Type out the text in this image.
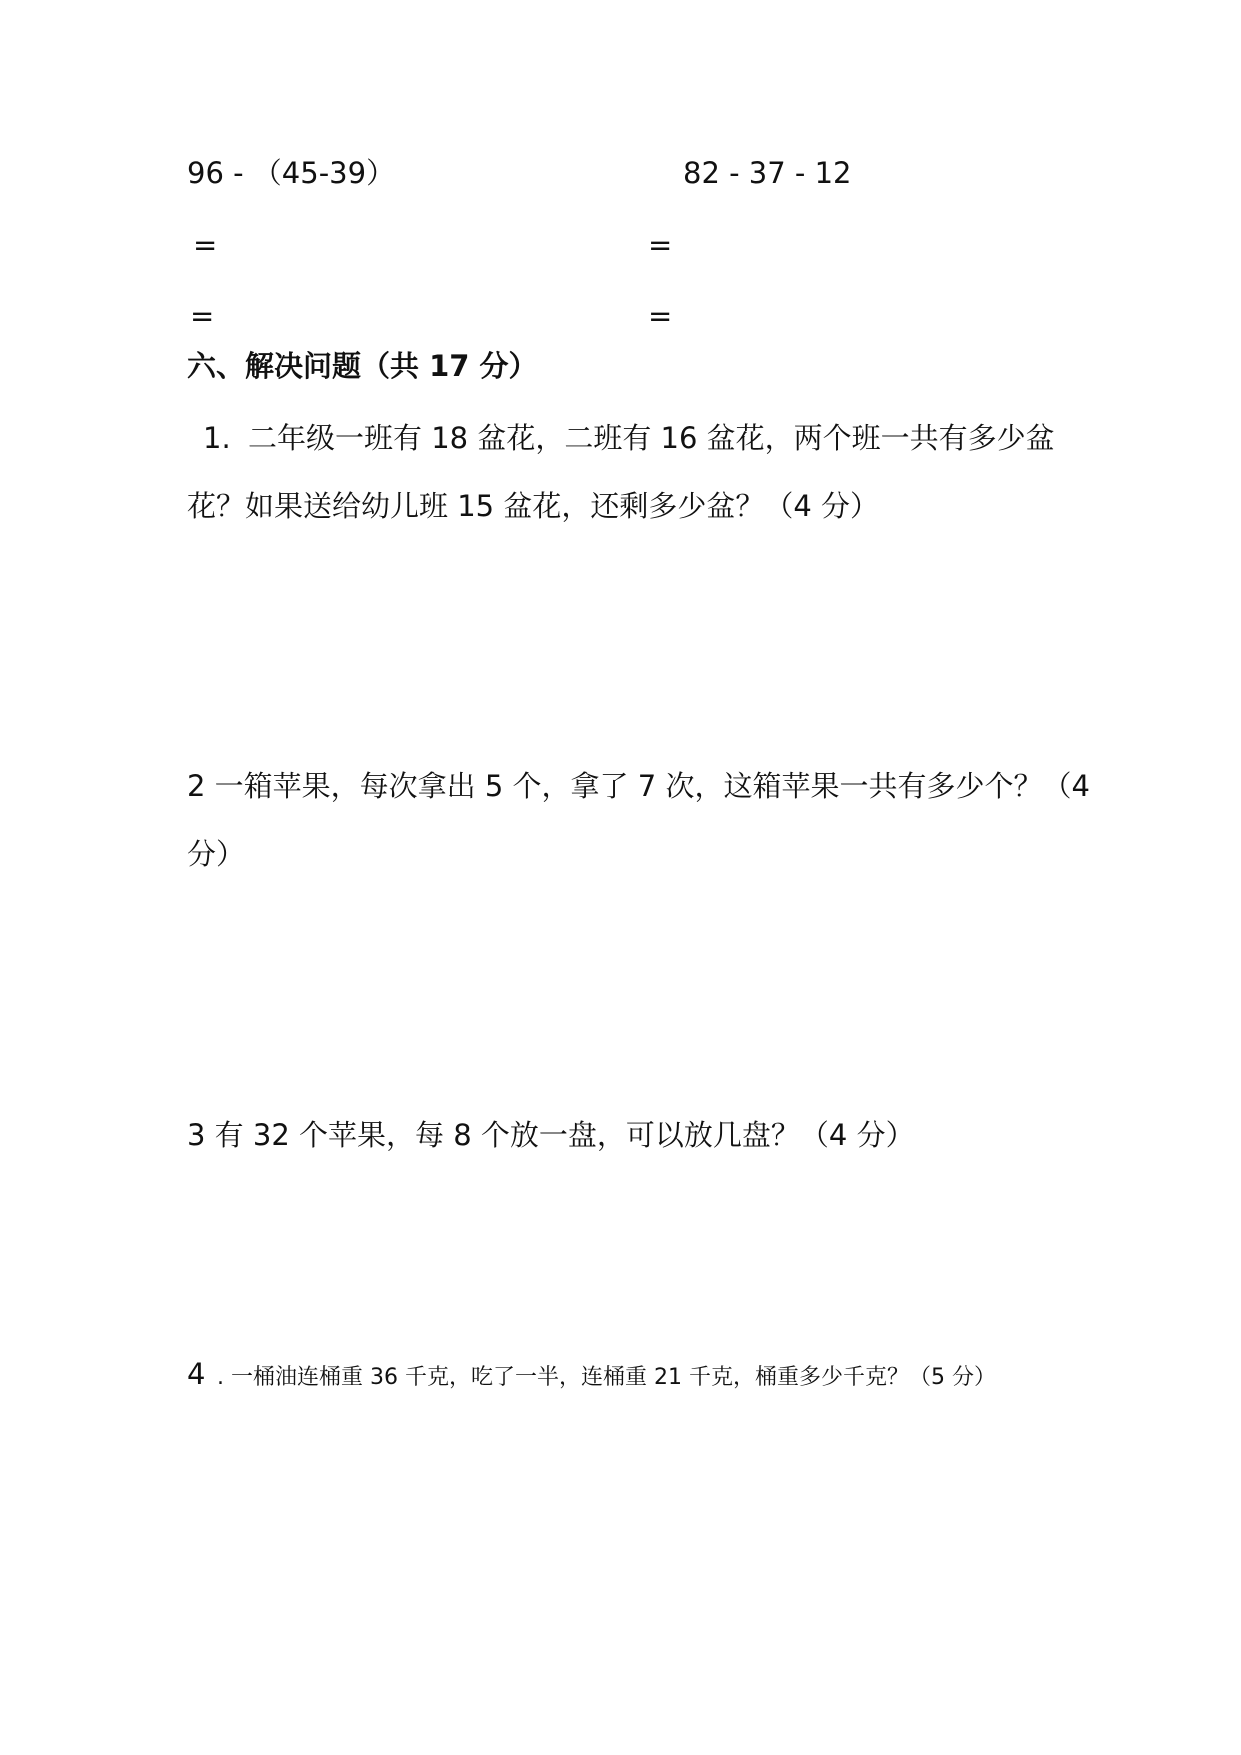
96 - （45-39）	82 - 37 - 12
=	=
=	=
六、解决问题（共 17 分）
1. 二年级一班有 18 盆花，二班有 16 盆花，两个班一共有多少盆
花？如果送给幼儿班 15 盆花，还剩多少盆？（4 分）
2 一箱苹果，每次拿出 5 个，拿了 7 次，这箱苹果一共有多少个？（4
分）
3 有 32 个苹果，每 8 个放一盘，可以放几盘？（4 分）
4 . 一桶油连桶重 36 千克，吃了一半，连桶重 21 千克，桶重多少千克？（5 分）
